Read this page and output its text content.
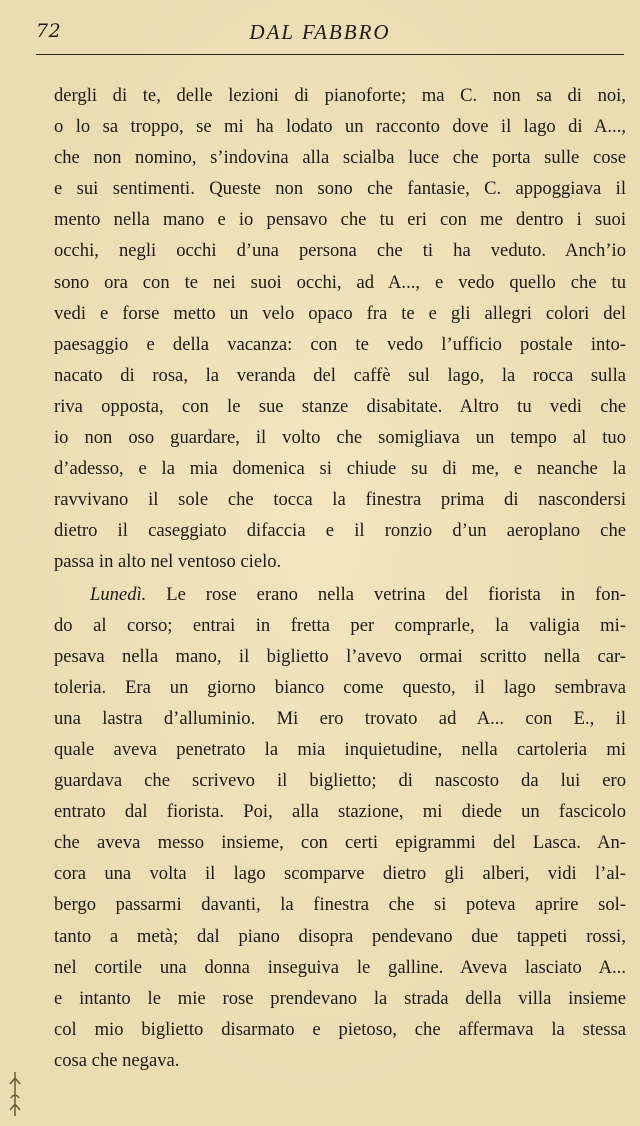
72	DAL FABBRO
dergli di te, delle lezioni di pianoforte; ma C. non sa di noi,
o lo sa troppo, se mi ha lodato un racconto dove il lago di A...,
che non nomino, s’indovina alla scialba luce che porta sulle cose
e sui sentimenti. Queste non sono che fantasie, C. appoggiava il
mento nella mano e io pensavo che tu eri con me dentro i suoi
occhi, negli occhi d’una persona che ti ha veduto. Anch’io
sono ora con te nei suoi occhi, ad A..., e vedo quello che tu
vedi e forse metto un velo opaco fra te e gli allegri colori del
paesaggio e della vacanza: con te vedo l’ufficio postale into-
nacato di rosa, la veranda del caffè sul lago, la rocca sulla
riva opposta, con le sue stanze disabitate. Altro tu vedi che
io non oso guardare, il volto che somigliava un tempo al tuo
d’adesso, e la mia domenica si chiude su di me, e neanche la
ravvivano il sole che tocca la finestra prima di nascondersi
dietro il caseggiato difaccia e il ronzio d’un aeroplano che
passa in alto nel ventoso cielo.
Lunedì. Le rose erano nella vetrina del fiorista in fon-
do al corso; entrai in fretta per comprarle, la valigia mi-
pesava nella mano, il biglietto l’avevo ormai scritto nella car-
toleria. Era un giorno bianco come questo, il lago sembrava
una lastra d’alluminio. Mi ero trovato ad A... con E., il
quale aveva penetrato la mia inquietudine, nella cartoleria mi
guardava che scrivevo il biglietto; di nascosto da lui ero
entrato dal fiorista. Poi, alla stazione, mi diede un fascicolo
che aveva messo insieme, con certi epigrammi del Lasca. An-
cora una volta il lago scomparve dietro gli alberi, vidi l’al-
bergo passarmi davanti, la finestra che si poteva aprire sol-
tanto a metà; dal piano disopra pendevano due tappeti rossi,
nel cortile una donna inseguiva le galline. Aveva lasciato A...
e intanto le mie rose prendevano la strada della villa insieme
col mio biglietto disarmato e pietoso, che affermava la stessa
cosa che negava.
